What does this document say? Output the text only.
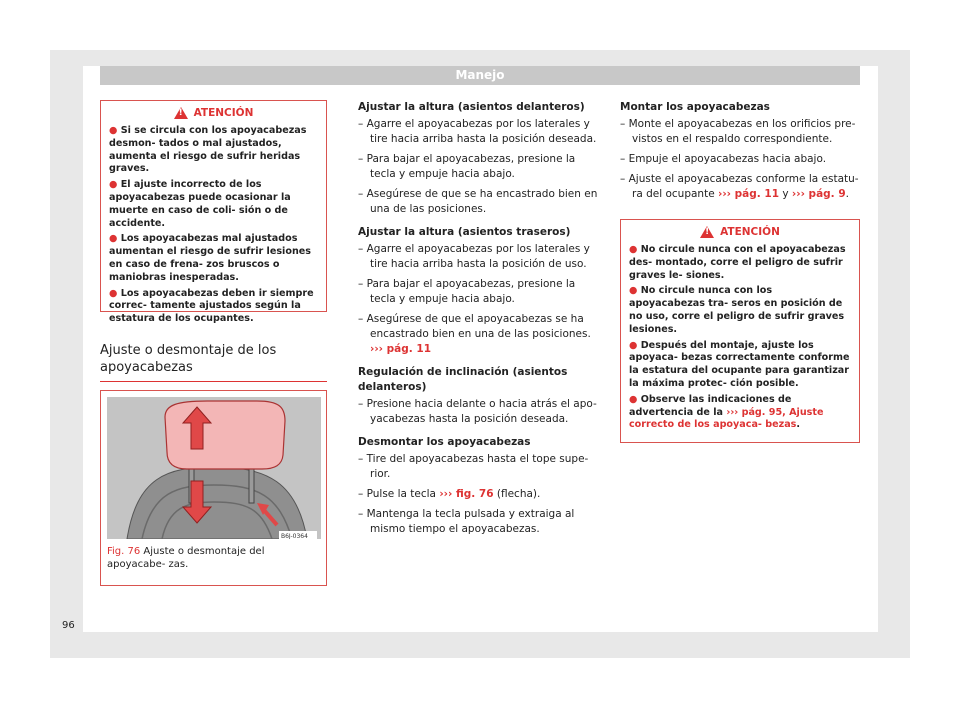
Manejo
!
ATENCIÓN
● Si se circula con los apoyacabezas desmon- tados o mal ajustados, aumenta el riesgo de sufrir heridas graves.
● El ajuste incorrecto de los apoyacabezas puede ocasionar la muerte en caso de coli- sión o de accidente.
● Los apoyacabezas mal ajustados aumentan el riesgo de sufrir lesiones en caso de frena- zos bruscos o maniobras inesperadas.
● Los apoyacabezas deben ir siempre correc- tamente ajustados según la estatura de los ocupantes.
Ajuste o desmontaje de los apoyacabezas
B6J-0364
Fig. 76 Ajuste o desmontaje del apoyacabe- zas.
Ajustar la altura (asientos delanteros)
– Agarre el apoyacabezas por los laterales y tire hacia arriba hasta la posición deseada.
– Para bajar el apoyacabezas, presione la tecla y empuje hacia abajo.
– Asegúrese de que se ha encastrado bien en una de las posiciones.
Ajustar la altura (asientos traseros)
– Agarre el apoyacabezas por los laterales y tire hacia arriba hasta la posición de uso.
– Para bajar el apoyacabezas, presione la tecla y empuje hacia abajo.
– Asegúrese de que el apoyacabezas se ha encastrado bien en una de las posiciones. ››› pág. 11
Regulación de inclinación (asientos delanteros)
– Presione hacia delante o hacia atrás el apo- yacabezas hasta la posición deseada.
Desmontar los apoyacabezas
– Tire del apoyacabezas hasta el tope supe- rior.
– Pulse la tecla ››› fig. 76 (flecha).
– Mantenga la tecla pulsada y extraiga al mismo tiempo el apoyacabezas.
Montar los apoyacabezas
– Monte el apoyacabezas en los orificios pre- vistos en el respaldo correspondiente.
– Empuje el apoyacabezas hacia abajo.
– Ajuste el apoyacabezas conforme la estatu- ra del ocupante ››› pág. 11 y ››› pág. 9.
!
ATENCIÓN
● No circule nunca con el apoyacabezas des- montado, corre el peligro de sufrir graves le- siones.
● No circule nunca con los apoyacabezas tra- seros en posición de no uso, corre el peligro de sufrir graves lesiones.
● Después del montaje, ajuste los apoyaca- bezas correctamente conforme la estatura del ocupante para garantizar la máxima protec- ción posible.
● Observe las indicaciones de advertencia de la ››› pág. 95, Ajuste correcto de los apoyaca- bezas.
96
